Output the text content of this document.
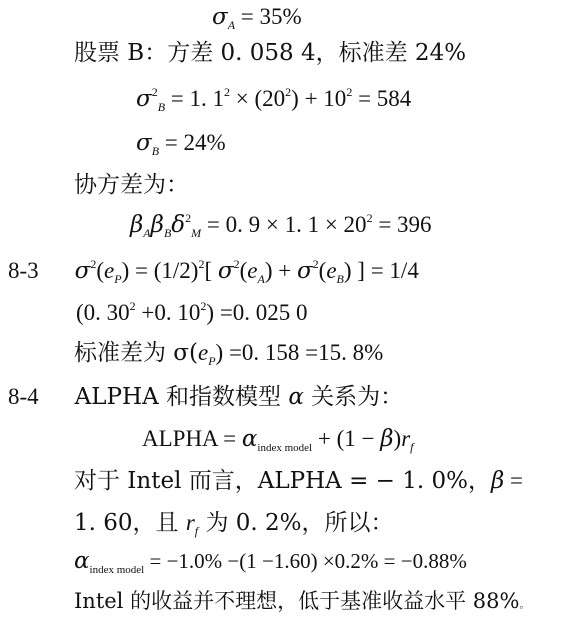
$\sigma_A = 35\%$
股票 B：方差 0. 058 4，标准差 24%
$\sigma^2_B = 1$. $1^2 \times (20^2) + 10^2 = 584$
$\sigma_B = 24\%$
协方差为：
$\beta_A\beta_B\delta^2_M = 0$. 9 × 1. $1 \times 20^2 = 396$
8-3 $\sigma^2(e_P) = (1/2)^2$[ $\sigma^2(e_A) + \sigma^2(e_B)$ ] = 1/4
(0. $30^2 +0$. $10^2) =0$. 025 0
标准差为 $\sigma(e_P) =0$. 158 =15. 8%
8-4 ALPHA 和指数模型 α 关系为：
ALPHA = $\alpha_{index model} + (1 - \beta)r_f$
对于 Intel 而言，ALPHA = − 1. 0%，β =
1. 60，且 $r_f$ 为 0. 2%，所以：
$\alpha_{index model} = -1.0\% -(1 -1.60) \times 0.2\% = -0.88\%$
Intel 的收益并不理想，低于基准收益水平 88%。
